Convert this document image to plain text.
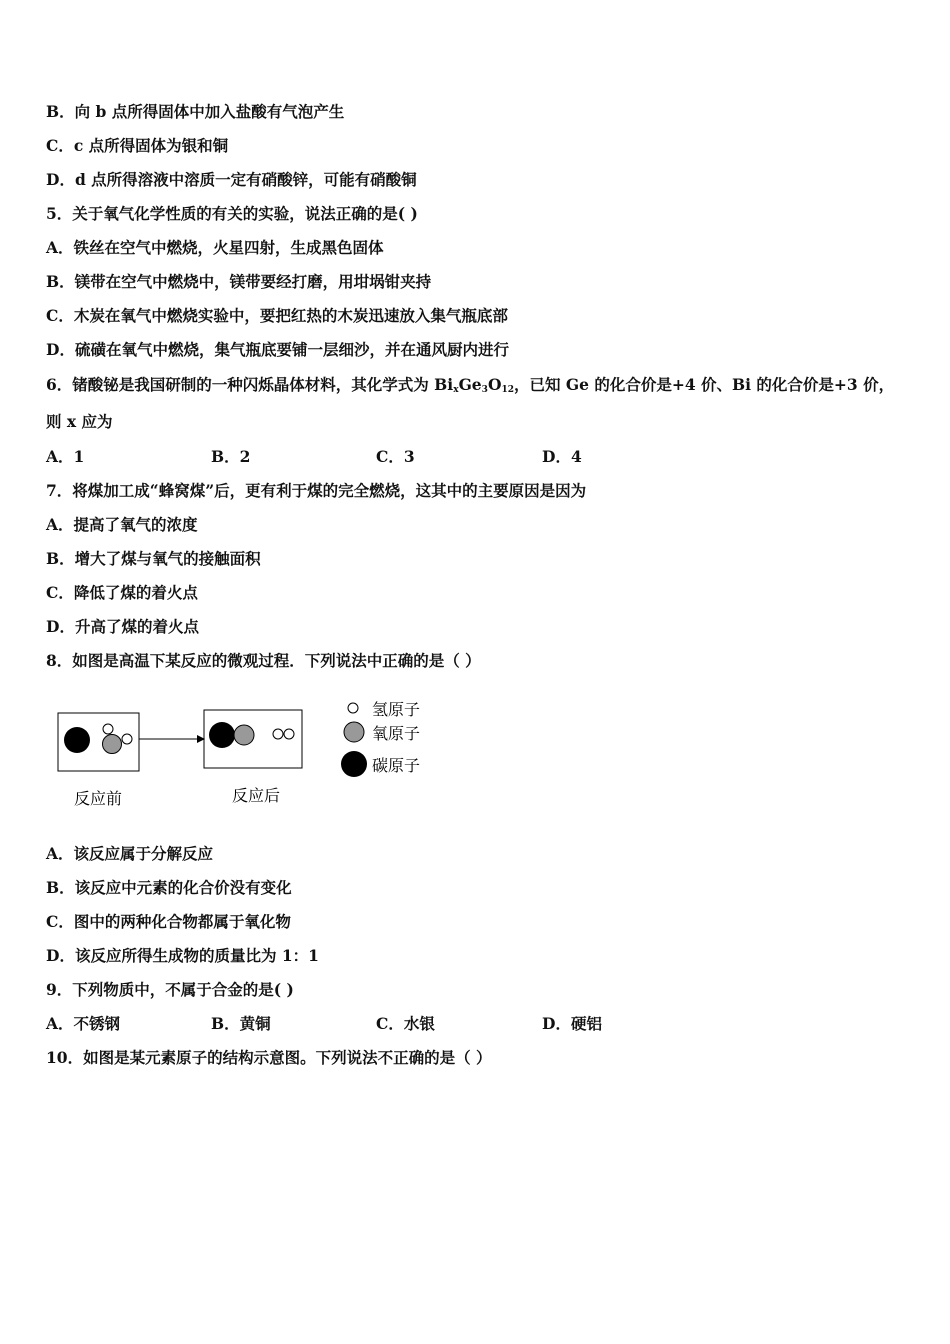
B．向 b 点所得固体中加入盐酸有气泡产生
C．c 点所得固体为银和铜
D．d 点所得溶液中溶质一定有硝酸锌，可能有硝酸铜
5．关于氧气化学性质的有关的实验，说法正确的是( )
A．铁丝在空气中燃烧，火星四射，生成黑色固体
B．镁带在空气中燃烧中，镁带要经打磨，用坩埚钳夹持
C．木炭在氧气中燃烧实验中，要把红热的木炭迅速放入集气瓶底部
D．硫磺在氧气中燃烧，集气瓶底要铺一层细沙，并在通风厨内进行
6．锗酸铋是我国研制的一种闪烁晶体材料，其化学式为 $Bi_xGe_3O_{12}$，已知 Ge 的化合价是+4 价、Bi 的化合价是+3 价，
则 x 应为
A．1	B．2	C．3	D．4
7．将煤加工成“蜂窝煤”后，更有利于煤的完全燃烧，这其中的主要原因是因为
A．提高了氧气的浓度
B．增大了煤与氧气的接触面积
C．降低了煤的着火点
D．升高了煤的着火点
8．如图是高温下某反应的微观过程．下列说法中正确的是（ ）
反应前	反应后
氢原子
氧原子
碳原子
A．该反应属于分解反应
B．该反应中元素的化合价没有变化
C．图中的两种化合物都属于氧化物
D．该反应所得生成物的质量比为 1：1
9．下列物质中，不属于合金的是( )
A．不锈钢	B．黄铜	C．水银	D．硬铝
10．如图是某元素原子的结构示意图。下列说法不正确的是（ ）
